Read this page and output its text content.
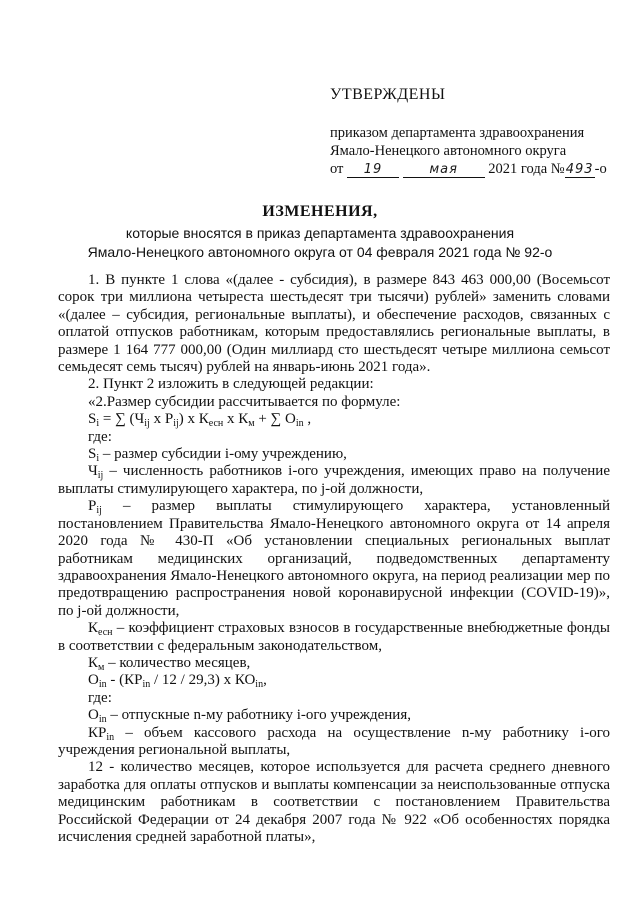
УТВЕРЖДЕНЫ
приказом департамента здравоохранения
Ямало-Ненецкого автономного округа
от 19	мая 2021 года №493-о
ИЗМЕНЕНИЯ,
которые вносятся в приказ департамента здравоохранения
Ямало-Ненецкого автономного округа от 04 февраля 2021 года № 92-о

1. В пункте 1 слова «(далее - субсидия), в размере 843 463 000,00 (Восемьсот сорок три миллиона четыреста шестьдесят три тысячи) рублей» заменить словами «(далее – субсидия, региональные выплаты), и обеспечение расходов, связанных с оплатой отпусков работникам, которым предоставлялись региональные выплаты, в размере 1 164 777 000,00 (Один миллиард сто шестьдесят четыре миллиона семьсот семьдесят семь тысяч) рублей на январь-июнь 2021 года».

2. Пункт 2 изложить в следующей редакции:

«2.Размер субсидии рассчитывается по формуле:

$S_i$ = ∑ ($Ч_{ij}$ х $Р_{ij}$) х $К_{есн}$ х $К_м$ + ∑ $О_{in}$ ,

где:

$S_i$ – размер субсидии i-ому учреждению,

$Ч_{ij}$ – численность работников i-ого учреждения, имеющих право на получение выплаты стимулирующего характера, по j-ой должности,

$Р_{ij}$ – размер выплаты стимулирующего характера, установленный постановлением Правительства Ямало-Ненецкого автономного округа от 14 апреля 2020 года № 430-П «Об установлении специальных региональных выплат работникам медицинских организаций, подведомственных департаменту здравоохранения Ямало-Ненецкого автономного округа, на период реализации мер по предотвращению распространения новой коронавирусной инфекции (COVID-19)», по j-ой должности,

$К_{есн}$ – коэффициент страховых взносов в государственные внебюджетные фонды в соответствии с федеральным законодательством,

$К_м$ – количество месяцев,

$О_{in} - (КР_{in} / 12 / 29,3)$ х $КО_{in}$,

где:

$О_{in}$ – отпускные n-му работнику i-ого учреждения,

$КР_{in}$ – объем кассового расхода на осуществление n-му работнику i-ого учреждения региональной выплаты,

12 - количество месяцев, которое используется для расчета среднего дневного заработка для оплаты отпусков и выплаты компенсации за неиспользованные отпуска медицинским работникам в соответствии с постановлением Правительства Российской Федерации от 24 декабря 2007 года № 922 «Об особенностях порядка исчисления средней заработной платы»,
